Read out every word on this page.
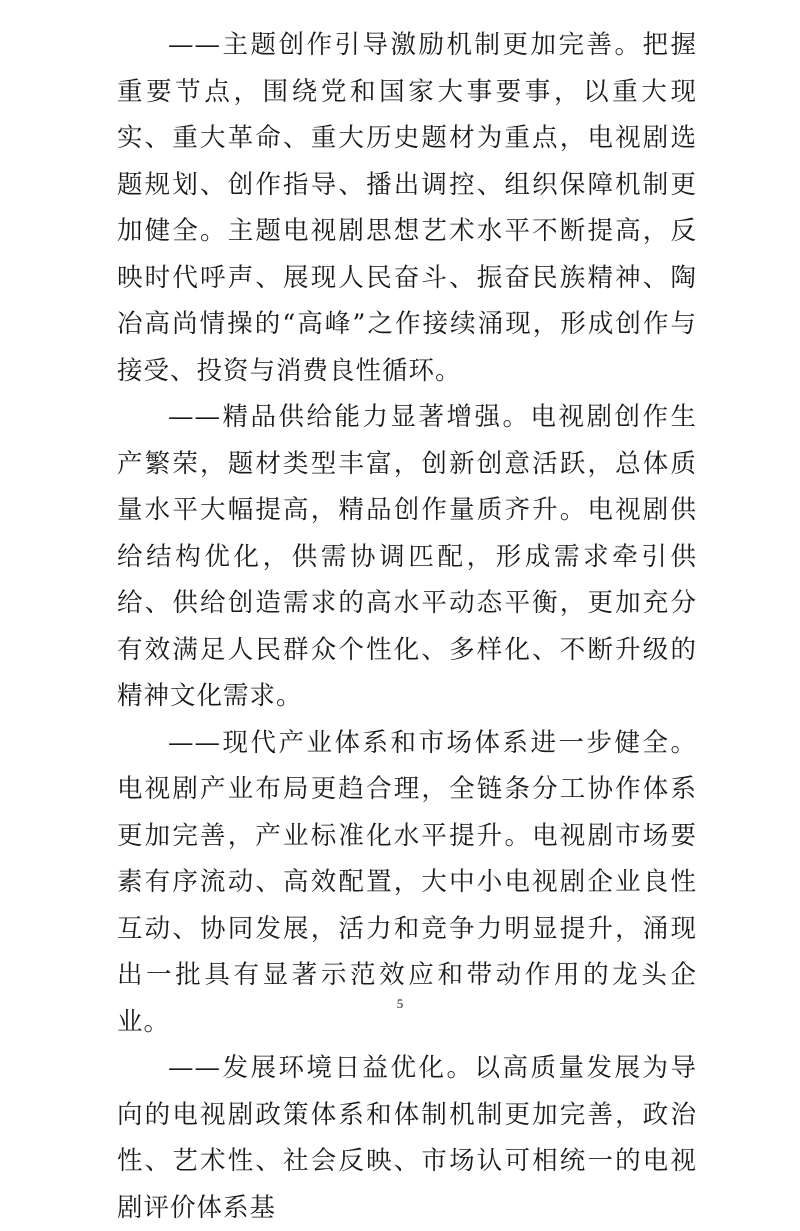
——主题创作引导激励机制更加完善。把握重要节点，围绕党和国家大事要事，以重大现实、重大革命、重大历史题材为重点，电视剧选题规划、创作指导、播出调控、组织保障机制更加健全。主题电视剧思想艺术水平不断提高，反映时代呼声、展现人民奋斗、振奋民族精神、陶冶高尚情操的“高峰”之作接续涌现，形成创作与接受、投资与消费良性循环。

——精品供给能力显著增强。电视剧创作生产繁荣，题材类型丰富，创新创意活跃，总体质量水平大幅提高，精品创作量质齐升。电视剧供给结构优化，供需协调匹配，形成需求牵引供给、供给创造需求的高水平动态平衡，更加充分有效满足人民群众个性化、多样化、不断升级的精神文化需求。

——现代产业体系和市场体系进一步健全。电视剧产业布局更趋合理，全链条分工协作体系更加完善，产业标准化水平提升。电视剧市场要素有序流动、高效配置，大中小电视剧企业良性互动、协同发展，活力和竞争力明显提升，涌现出一批具有显著示范效应和带动作用的龙头企业。

——发展环境日益优化。以高质量发展为导向的电视剧政策体系和体制机制更加完善，政治性、艺术性、社会反映、市场认可相统一的电视剧评价体系基

5
